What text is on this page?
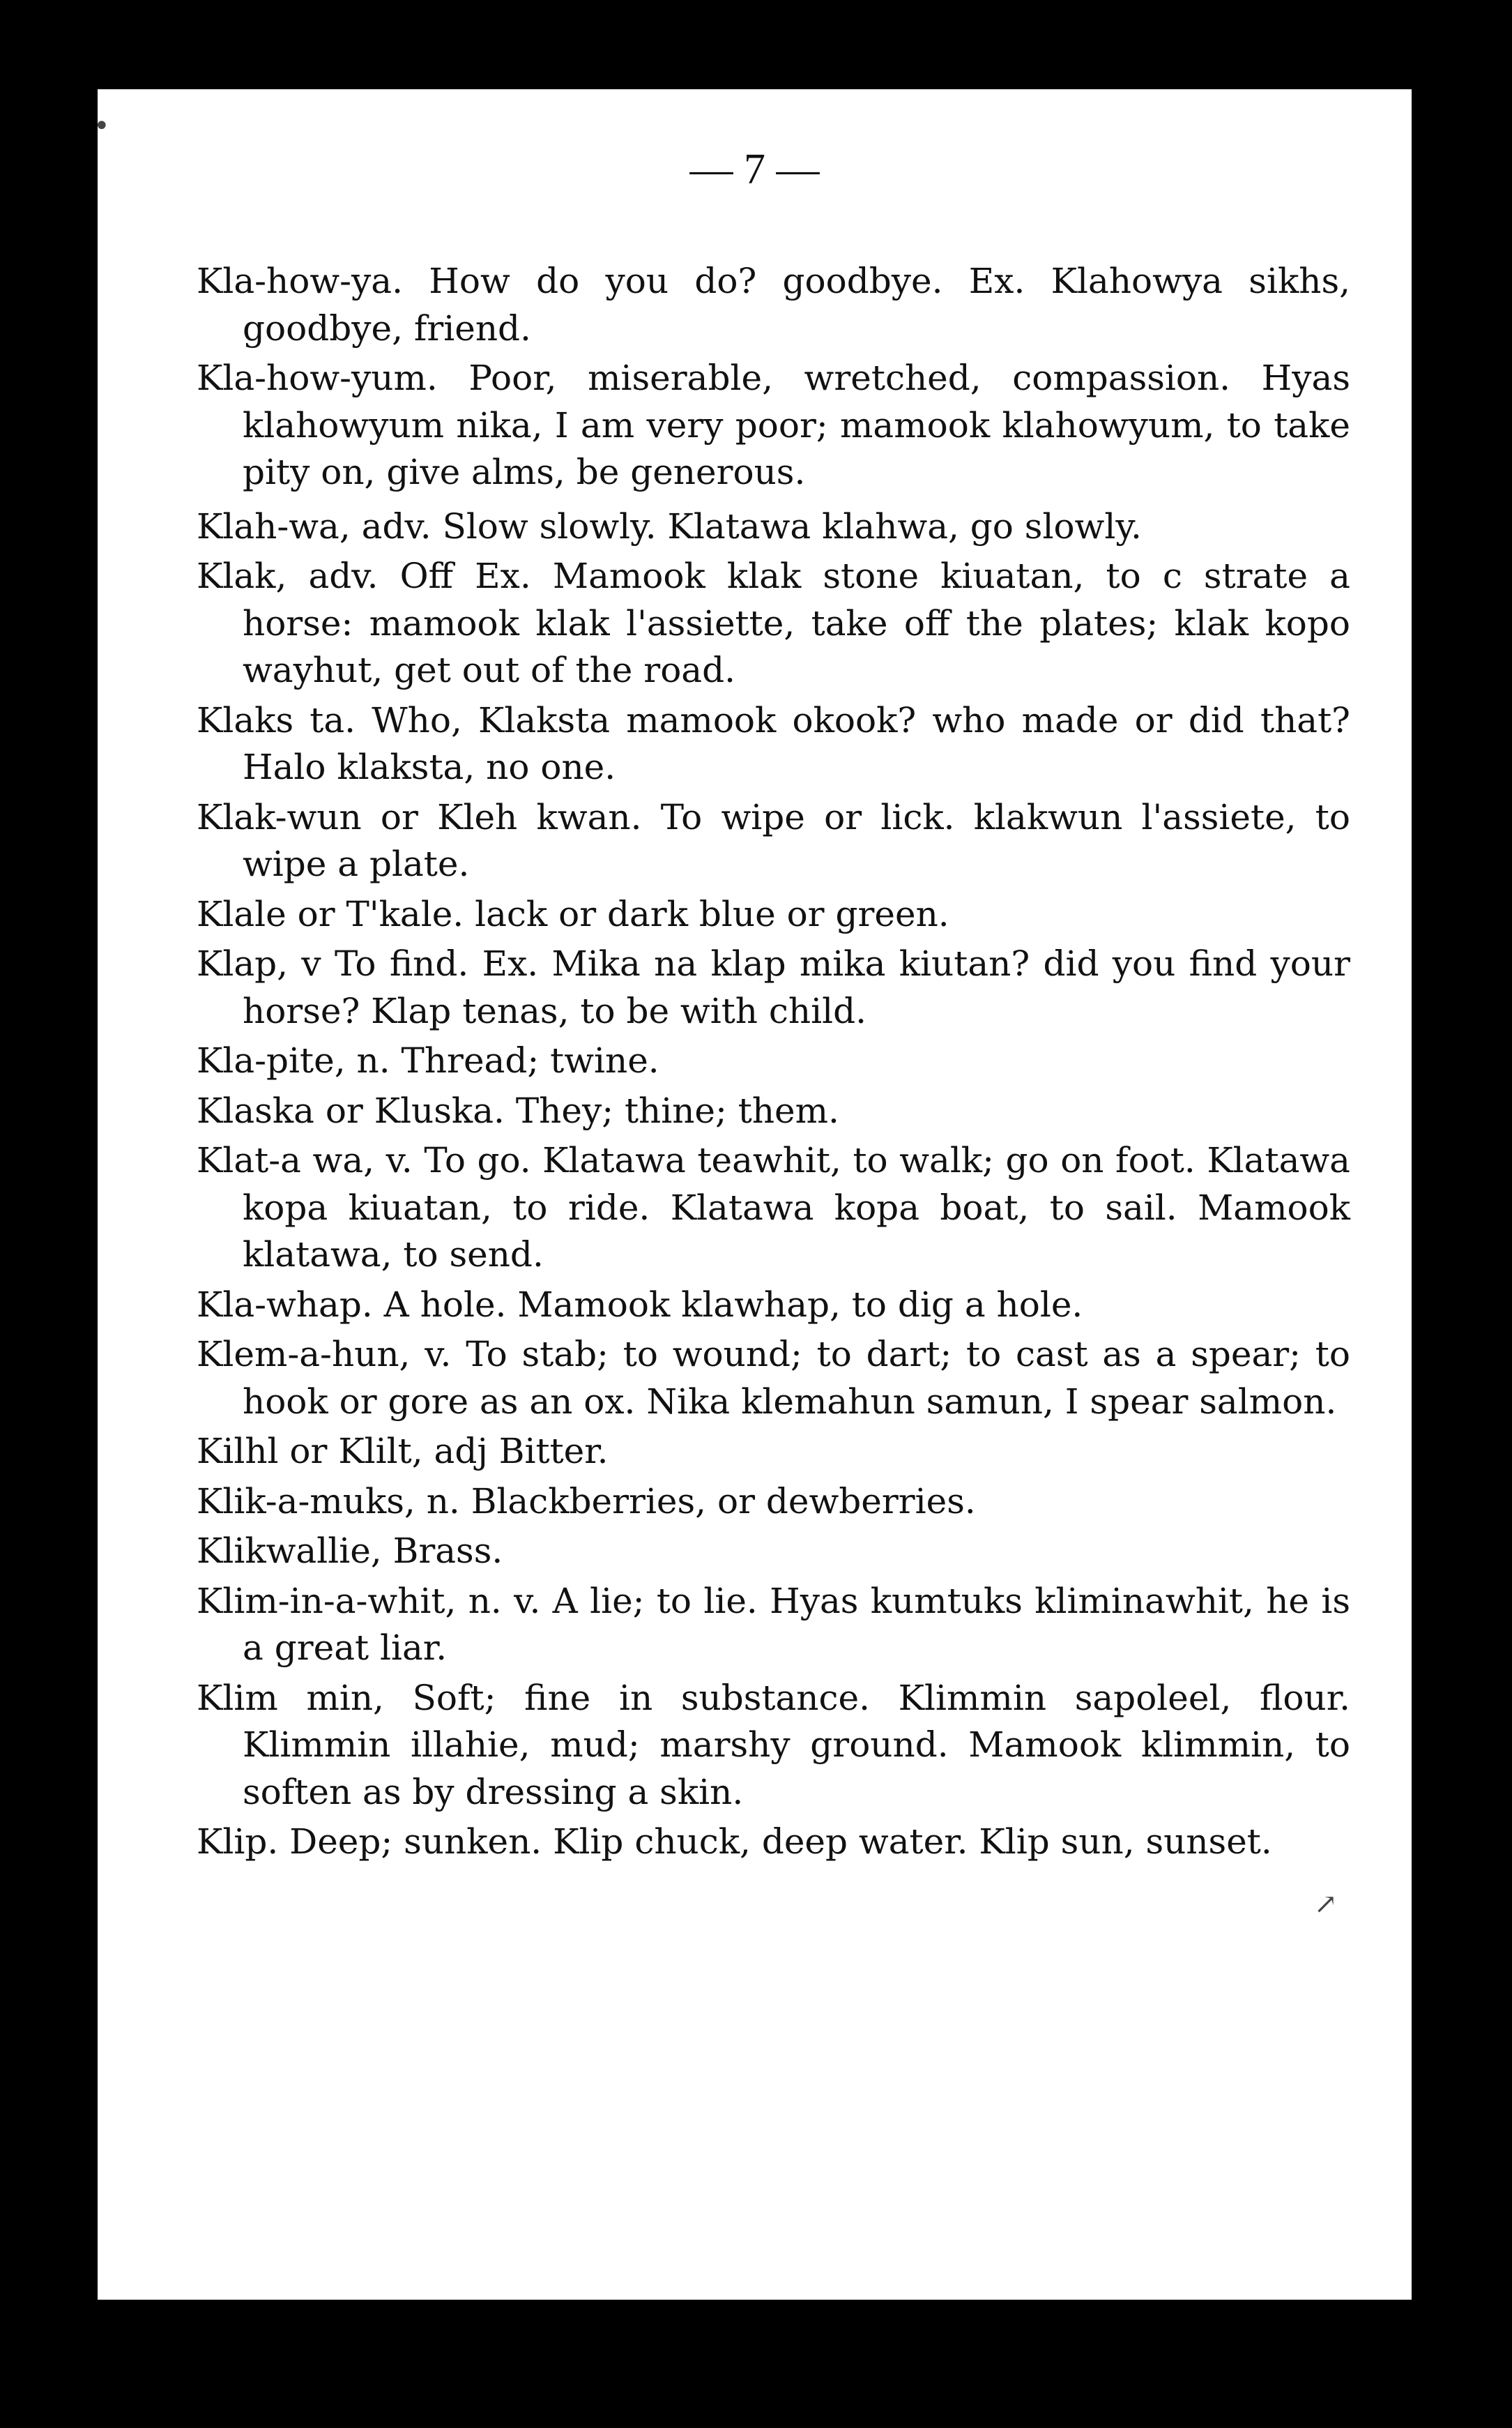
— 7 —

Kla-how-ya. How do you do? goodbye. Ex. Klahowya sikhs, goodbye, friend.

Kla-how-yum. Poor, miserable, wretched, compassion. Hyas klahowyum nika, I am very poor; mamook klahowyum, to take pity on, give alms, be generous.

Klah-wa, adv. Slow slowly. Klatawa klahwa, go slowly.

Klak, adv. Off Ex. Mamook klak stone kiuatan, to c strate a horse: mamook klak l'assiette, take off the plates; klak kopo wayhut, get out of the road.

Klaks ta. Who, Klaksta mamook okook? who made or did that? Halo klaksta, no one.

Klak-wun or Kleh kwan. To wipe or lick. klakwun l'assiete, to wipe a plate.

Klale or T'kale. lack or dark blue or green.

Klap, v To find. Ex. Mika na klap mika kiutan? did you find your horse? Klap tenas, to be with child.

Kla-pite, n. Thread; twine.

Klaska or Kluska. They; thine; them.

Klat-a wa, v. To go. Klatawa teawhit, to walk; go on foot. Klatawa kopa kiuatan, to ride. Klatawa kopa boat, to sail. Mamook klatawa, to send.

Kla-whap. A hole. Mamook klawhap, to dig a hole.

Klem-a-hun, v. To stab; to wound; to dart; to cast as a spear; to hook or gore as an ox. Nika klemahun samun, I spear salmon.

Kilhl or Klilt, adj Bitter.

Klik-a-muks, n. Blackberries, or dewberries.

Klikwallie, Brass.

Klim-in-a-whit, n. v. A lie; to lie. Hyas kumtuks kliminawhit, he is a great liar.

Klim min, Soft; fine in substance. Klimmin sapoleel, flour. Klimmin illahie, mud; marshy ground. Mamook klimmin, to soften as by dressing a skin.

Klip. Deep; sunken. Klip chuck, deep water. Klip sun, sunset.

•
↗
